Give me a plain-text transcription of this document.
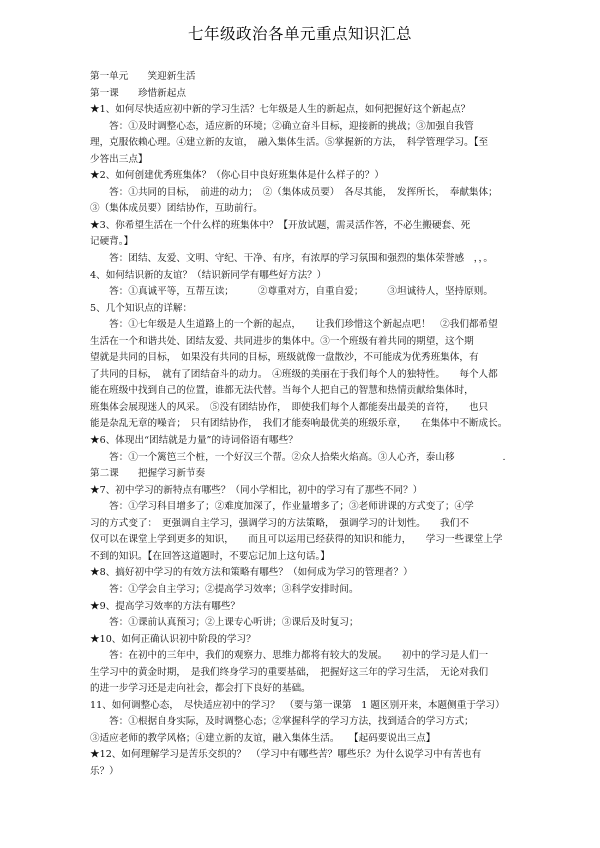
七年级政治各单元重点知识汇总
第一单元　　笑迎新生活
第一课　　珍惜新起点
★1、如何尽快适应初中新的学习生活？七年级是人生的新起点，如何把握好这个新起点？
　　答：①及时调整心态，适应新的环境；②确立奋斗目标，迎接新的挑战；③加强自我管
理，克服依赖心理。④建立新的友谊，　融入集体生活。⑤掌握新的方法，　科学管理学习。【至
少答出三点】
★2、如何创建优秀班集体？（你心目中良好班集体是什么样子的？）
　　答：①共同的目标，　前进的动力；　②（集体成员要）　各尽其能，　发挥所长，　奉献集体；
③（集体成员要）团结协作，互助前行。
★3、你希望生活在一个什么样的班集体中？【开放试题，需灵活作答，不必生搬硬套、死
记硬背。】
　　答：团结、友爱、文明、守纪、干净、有序，有浓厚的学习氛围和强烈的集体荣誉感　，，。
4、如何结识新的友谊？（结识新同学有哪些好方法？）
　　答：①真诚平等，互帮互读；　　　②尊重对方，自重自爱；　　　③坦诚待人，坚持原则。
5、几个知识点的详解：
　　答：①七年级是人生道路上的一个新的起点，　　让我们珍惜这个新起点吧！　②我们都希望
生活在一个和谐共处、团结友爱、共同进步的集体中。③一个班级有着共同的期望，这个期
望就是共同的目标，　如果没有共同的目标，班级就像一盘散沙，不可能成为优秀班集体，有
了共同的目标，　就有了团结奋斗的动力。　④班级的美丽在于我们每个人的独特性。　　每个人都
能在班级中找到自己的位置，谁都无法代替。当每个人把自己的智慧和热情贡献给集体时，
班集体会展现迷人的风采。　⑤没有团结协作，　即使我们每个人都能奏出最美的音符，　　也只
能是杂乱无章的噪音；　只有团结协作，　我们才能奏响最优美的班级乐章，　　在集体中不断成长。
★6、体现出“团结就是力量”的诗词俗语有哪些？
　　答：①一个篱笆三个桩，一个好汉三个帮。②众人拾柴火焰高。③人心齐，泰山移　　　　　.
第二课　　把握学习新节奏
★7、初中学习的新特点有哪些？（同小学相比，初中的学习有了那些不同？）
　　答：①学习科目增多了；②难度加深了，作业量增多了；③老师讲课的方式变了；④学
习的方式变了：　更强调自主学习，强调学习的方法策略，　强调学习的计划性。　　我们不
仅可以在课堂上学到更多的知识，　　而且可以运用已经获得的知识和能力，　　学习一些课堂上学
不到的知识。【在回答这道题时，不要忘记加上这句话。】
★8、搞好初中学习的有效方法和策略有哪些？（如何成为学习的管理者？）
　　答：①学会自主学习；②提高学习效率；③科学安排时间。
★9、提高学习效率的方法有哪些？
　　答：①课前认真预习；②上课专心听讲；③课后及时复习；
★10、如何正确认识初中阶段的学习？
　　答：在初中的三年中，我们的观察力、思维力都将有较大的发展。　　初中的学习是人们一
生学习中的黄金时期，　是我们终身学习的重要基础，　把握好这三年的学习生活，　无论对我们
的进一步学习还是走向社会，都会打下良好的基础。
11、如何调整心态，　尽快适应初中的学习？　（要与第一课第　1 题区别开来，本题侧重于学习）
　　答：①根据自身实际，及时调整心态；②掌握科学的学习方法，找到适合的学习方式；
③适应老师的教学风格；④建立新的友谊，融入集体生活。　　【起码要说出三点】
★12、如何理解学习是苦乐交织的？　（学习中有哪些苦？哪些乐？为什么说学习中有苦也有
乐？）
